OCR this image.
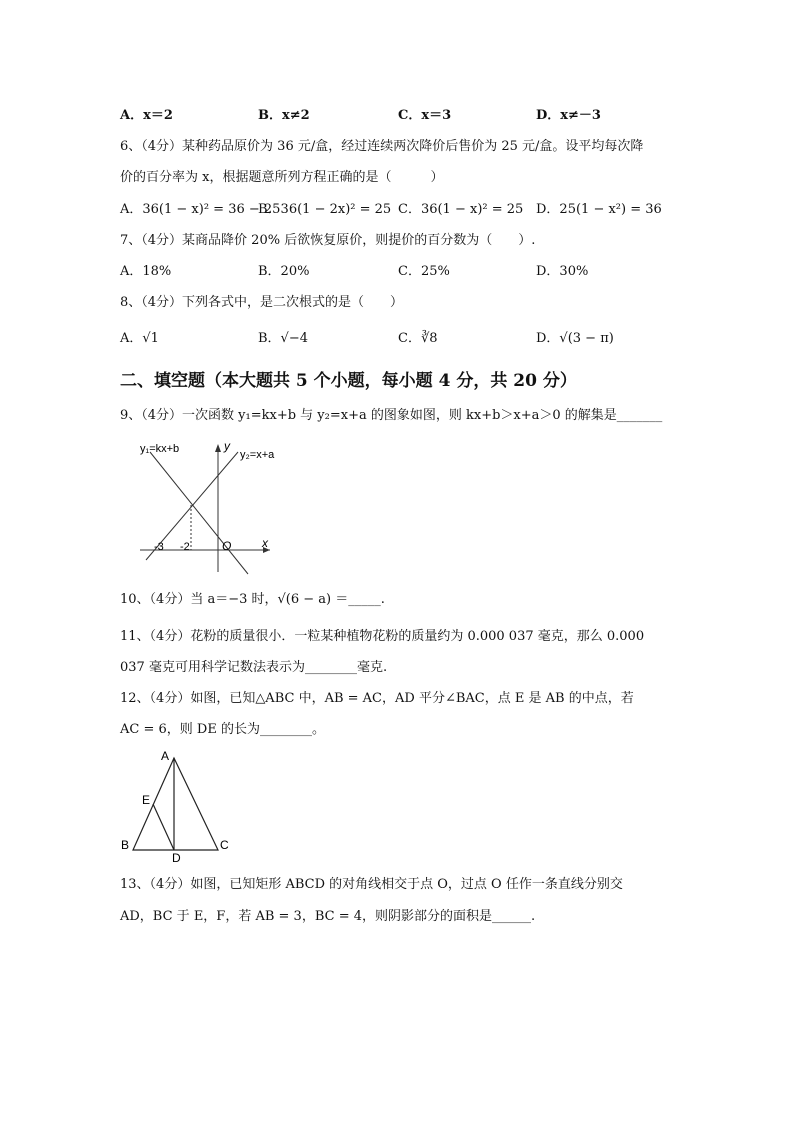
A．x＝2	B．x≠2	C．x＝3	D．x≠－3
6、（4分）某种药品原价为 36 元/盒，经过连续两次降价后售价为 25 元/盒。设平均每次降
价的百分率为 x，根据题意所列方程正确的是（　　　）
A．36(1 − x)² = 36 − 25
B．36(1 − 2x)² = 25 C．36(1 − x)² = 25 D．25(1 − x²) = 36
7、（4分）某商品降价 20% 后欲恢复原价，则提价的百分数为（　　）.
A．18%	B．20%	C．25%	D．30%
8、（4分）下列各式中，是二次根式的是（　　）
A．√1	B．√−4	C．∛8	D．√(3 − π)
二、填空题（本大题共 5 个小题，每小题 4 分，共 20 分）
9、（4分）一次函数 y₁=kx+b 与 y₂=x+a 的图象如图，则 kx+b＞x+a＞0 的解集是_______
y₁=kx+b	y₂=x+a
y
x
O
-3 -2
10、（4分）当 a＝−3 时，√(6 − a) ＝_____.
11、（4分）花粉的质量很小．一粒某种植物花粉的质量约为 0.000 037 毫克，那么 0.000
037 毫克可用科学记数法表示为________毫克.
12、（4分）如图，已知△ABC 中，AB = AC，AD 平分∠BAC，点 E 是 AB 的中点，若
AC = 6，则 DE 的长为________。
A
B	C
D
E
13、（4分）如图，已知矩形 ABCD 的对角线相交于点 O，过点 O 任作一条直线分别交
AD，BC 于 E，F，若 AB = 3，BC = 4，则阴影部分的面积是______.
